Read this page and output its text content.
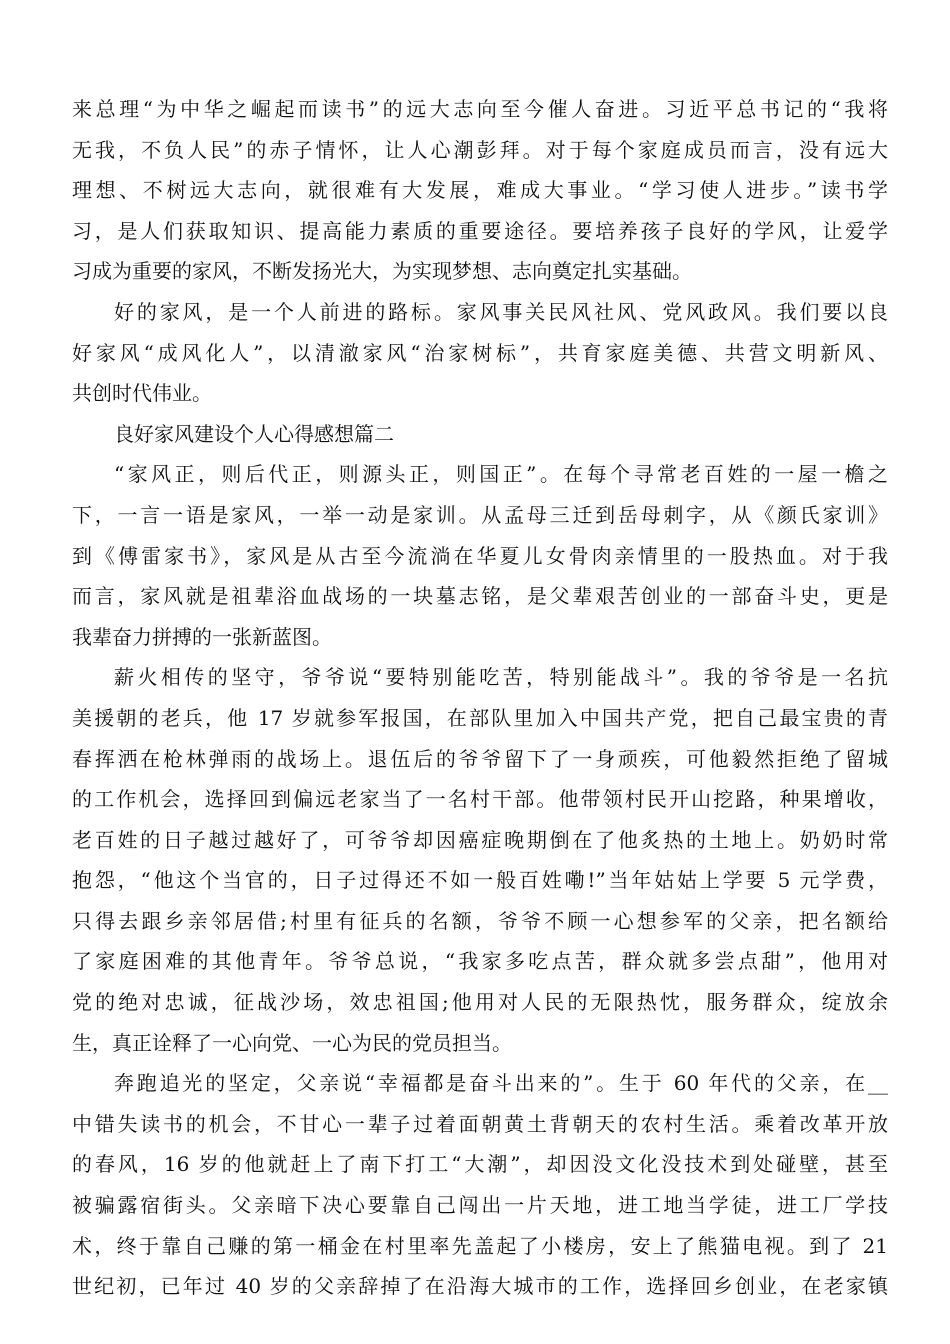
来总理“为中华之崛起而读书”的远大志向至今催人奋进。习近平总书记的“我将
无我，不负人民”的赤子情怀，让人心潮彭拜。对于每个家庭成员而言，没有远大
理想、不树远大志向，就很难有大发展，难成大事业。“学习使人进步。”读书学
习，是人们获取知识、提高能力素质的重要途径。要培养孩子良好的学风，让爱学
习成为重要的家风，不断发扬光大，为实现梦想、志向奠定扎实基础。
好的家风，是一个人前进的路标。家风事关民风社风、党风政风。我们要以良
好家风“成风化人”，以清澈家风“治家树标”，共育家庭美德、共营文明新风、
共创时代伟业。
良好家风建设个人心得感想篇二
“家风正，则后代正，则源头正，则国正”。在每个寻常老百姓的一屋一檐之
下，一言一语是家风，一举一动是家训。从孟母三迁到岳母刺字，从《颜氏家训》
到《傅雷家书》，家风是从古至今流淌在华夏儿女骨肉亲情里的一股热血。对于我
而言，家风就是祖辈浴血战场的一块墓志铭，是父辈艰苦创业的一部奋斗史，更是
我辈奋力拼搏的一张新蓝图。
薪火相传的坚守，爷爷说“要特别能吃苦，特别能战斗”。我的爷爷是一名抗
美援朝的老兵，他 17 岁就参军报国，在部队里加入中国共产党，把自己最宝贵的青
春挥洒在枪林弹雨的战场上。退伍后的爷爷留下了一身顽疾，可他毅然拒绝了留城
的工作机会，选择回到偏远老家当了一名村干部。他带领村民开山挖路，种果增收，
老百姓的日子越过越好了，可爷爷却因癌症晚期倒在了他炙热的土地上。奶奶时常
抱怨，“他这个当官的，日子过得还不如一般百姓嘞!”当年姑姑上学要 5 元学费，
只得去跟乡亲邻居借;村里有征兵的名额，爷爷不顾一心想参军的父亲，把名额给
了家庭困难的其他青年。爷爷总说，“我家多吃点苦，群众就多尝点甜”，他用对
党的绝对忠诚，征战沙场，效忠祖国;他用对人民的无限热忱，服务群众，绽放余
生，真正诠释了一心向党、一心为民的党员担当。
奔跑追光的坚定，父亲说“幸福都是奋斗出来的”。生于 60 年代的父亲，在__
中错失读书的机会，不甘心一辈子过着面朝黄土背朝天的农村生活。乘着改革开放
的春风，16 岁的他就赶上了南下打工“大潮”，却因没文化没技术到处碰壁，甚至
被骗露宿街头。父亲暗下决心要靠自己闯出一片天地，进工地当学徒，进工厂学技
术，终于靠自己赚的第一桶金在村里率先盖起了小楼房，安上了熊猫电视。到了 21
世纪初，已年过 40 岁的父亲辞掉了在沿海大城市的工作，选择回乡创业，在老家镇
